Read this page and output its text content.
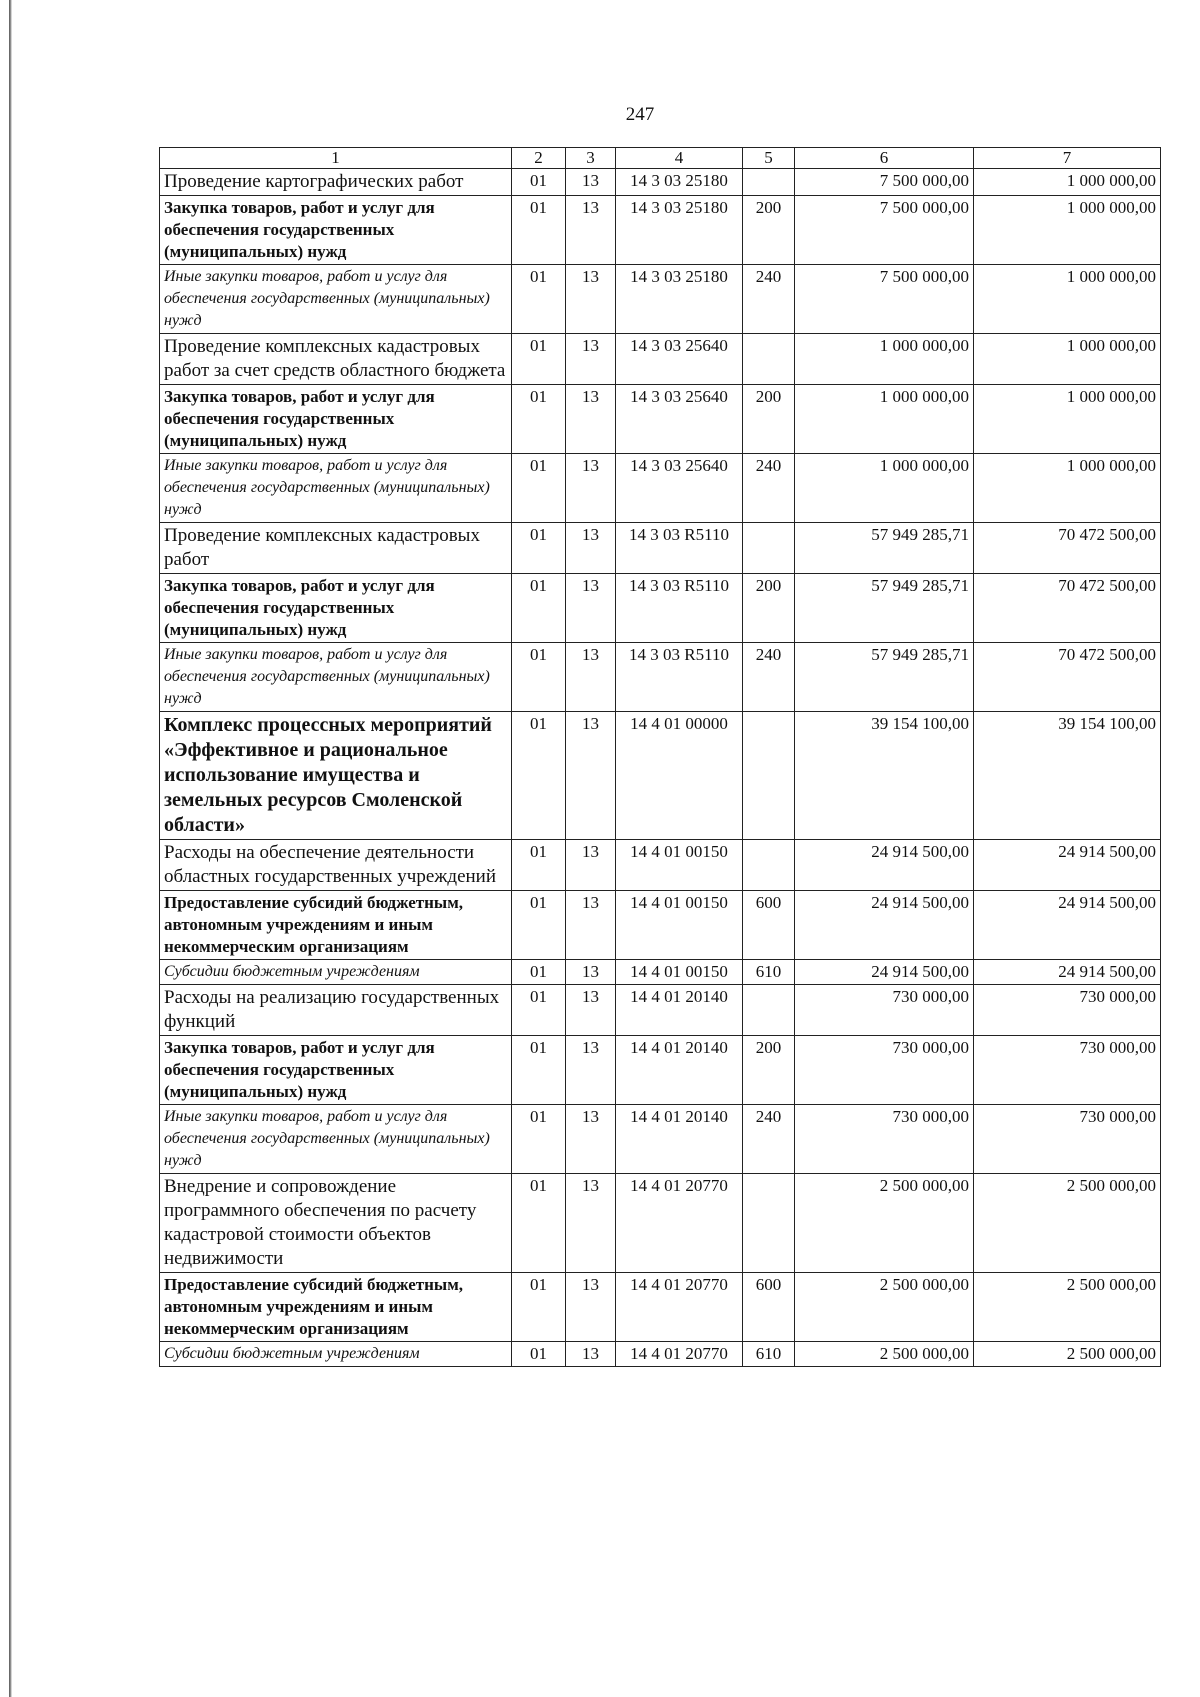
247
1	2	3	4	5	6	7
Проведение картографических работ	01	13	14 3 03 25180		7 500 000,00	1 000 000,00
Закупка товаров, работ и услуг для обеспечения государственных (муниципальных) нужд	01	13	14 3 03 25180	200	7 500 000,00	1 000 000,00
Иные закупки товаров, работ и услуг для обеспечения государственных (муниципальных) нужд	01	13	14 3 03 25180	240	7 500 000,00	1 000 000,00
Проведение комплексных кадастровых работ за счет средств областного бюджета	01	13	14 3 03 25640		1 000 000,00	1 000 000,00
Закупка товаров, работ и услуг для обеспечения государственных (муниципальных) нужд	01	13	14 3 03 25640	200	1 000 000,00	1 000 000,00
Иные закупки товаров, работ и услуг для обеспечения государственных (муниципальных) нужд	01	13	14 3 03 25640	240	1 000 000,00	1 000 000,00
Проведение комплексных кадастровых работ	01	13	14 3 03 R5110		57 949 285,71	70 472 500,00
Закупка товаров, работ и услуг для обеспечения государственных (муниципальных) нужд	01	13	14 3 03 R5110	200	57 949 285,71	70 472 500,00
Иные закупки товаров, работ и услуг для обеспечения государственных (муниципальных) нужд	01	13	14 3 03 R5110	240	57 949 285,71	70 472 500,00
Комплекс процессных мероприятий «Эффективное и рациональное использование имущества и земельных ресурсов Смоленской области»	01	13	14 4 01 00000		39 154 100,00	39 154 100,00
Расходы на обеспечение деятельности областных государственных учреждений	01	13	14 4 01 00150		24 914 500,00	24 914 500,00
Предоставление субсидий бюджетным, автономным учреждениям и иным некоммерческим организациям	01	13	14 4 01 00150	600	24 914 500,00	24 914 500,00
Субсидии бюджетным учреждениям	01	13	14 4 01 00150	610	24 914 500,00	24 914 500,00
Расходы на реализацию государственных функций	01	13	14 4 01 20140		730 000,00	730 000,00
Закупка товаров, работ и услуг для обеспечения государственных (муниципальных) нужд	01	13	14 4 01 20140	200	730 000,00	730 000,00
Иные закупки товаров, работ и услуг для обеспечения государственных (муниципальных) нужд	01	13	14 4 01 20140	240	730 000,00	730 000,00
Внедрение и сопровождение программного обеспечения по расчету кадастровой стоимости объектов недвижимости	01	13	14 4 01 20770		2 500 000,00	2 500 000,00
Предоставление субсидий бюджетным, автономным учреждениям и иным некоммерческим организациям	01	13	14 4 01 20770	600	2 500 000,00	2 500 000,00
Субсидии бюджетным учреждениям	01	13	14 4 01 20770	610	2 500 000,00	2 500 000,00
